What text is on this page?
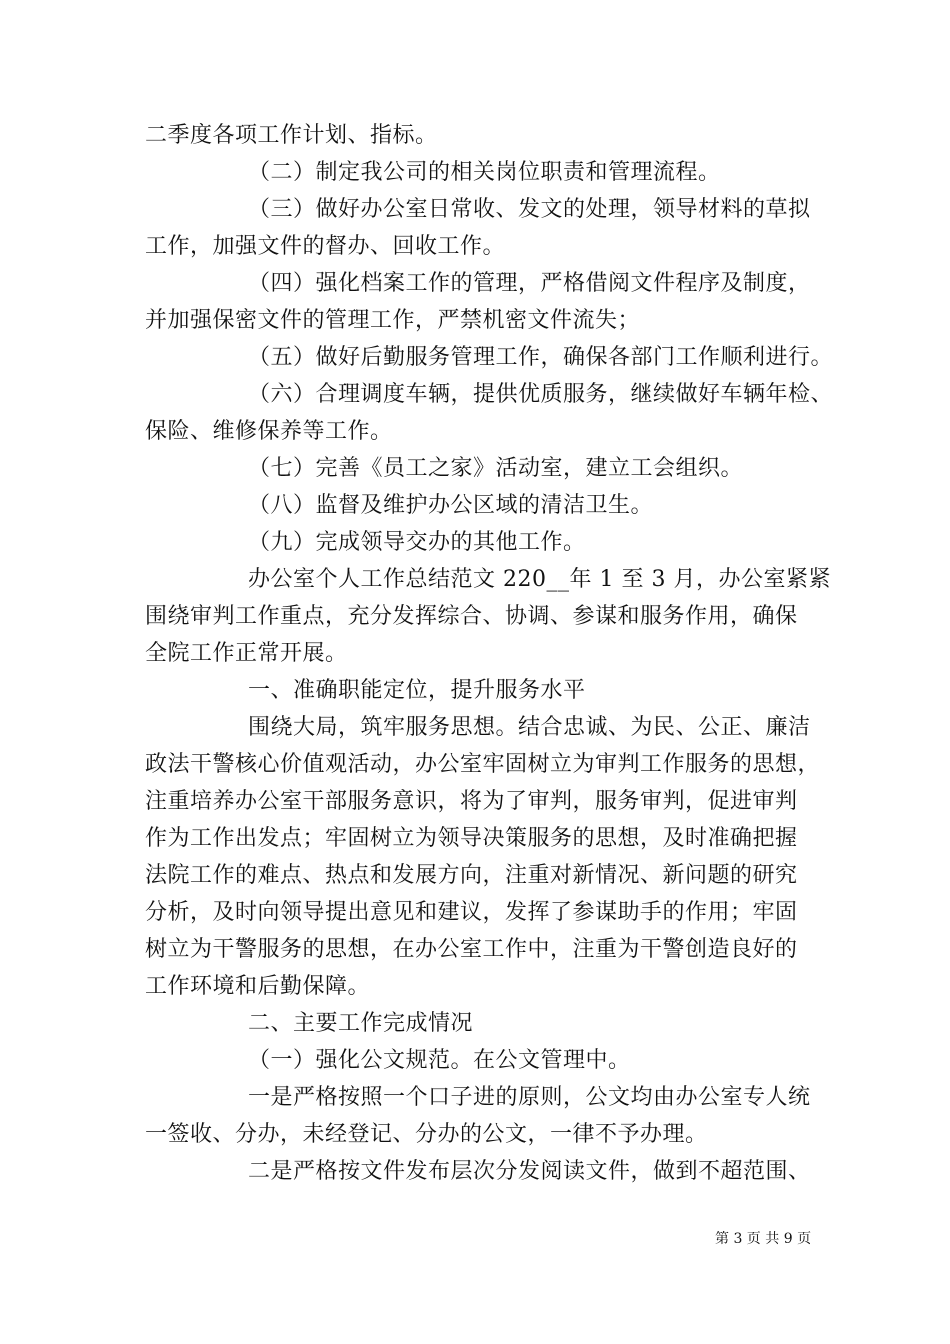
二季度各项工作计划、指标。
（二）制定我公司的相关岗位职责和管理流程。
（三）做好办公室日常收、发文的处理，领导材料的草拟
工作，加强文件的督办、回收工作。
（四）强化档案工作的管理，严格借阅文件程序及制度，
并加强保密文件的管理工作，严禁机密文件流失；
（五）做好后勤服务管理工作，确保各部门工作顺利进行。
（六）合理调度车辆，提供优质服务，继续做好车辆年检、
保险、维修保养等工作。
（七）完善《员工之家》活动室，建立工会组织。
（八）监督及维护办公区域的清洁卫生。
（九）完成领导交办的其他工作。
办公室个人工作总结范文 220__年 1 至 3 月，办公室紧紧
围绕审判工作重点，充分发挥综合、协调、参谋和服务作用，确保
全院工作正常开展。
一、准确职能定位，提升服务水平
围绕大局，筑牢服务思想。结合忠诚、为民、公正、廉洁
政法干警核心价值观活动，办公室牢固树立为审判工作服务的思想，
注重培养办公室干部服务意识，将为了审判，服务审判，促进审判
作为工作出发点；牢固树立为领导决策服务的思想，及时准确把握
法院工作的难点、热点和发展方向，注重对新情况、新问题的研究
分析，及时向领导提出意见和建议，发挥了参谋助手的作用；牢固
树立为干警服务的思想，在办公室工作中，注重为干警创造良好的
工作环境和后勤保障。
二、主要工作完成情况
（一）强化公文规范。在公文管理中。
一是严格按照一个口子进的原则，公文均由办公室专人统
一签收、分办，未经登记、分办的公文，一律不予办理。
二是严格按文件发布层次分发阅读文件，做到不超范围、
第 3 页 共 9 页
